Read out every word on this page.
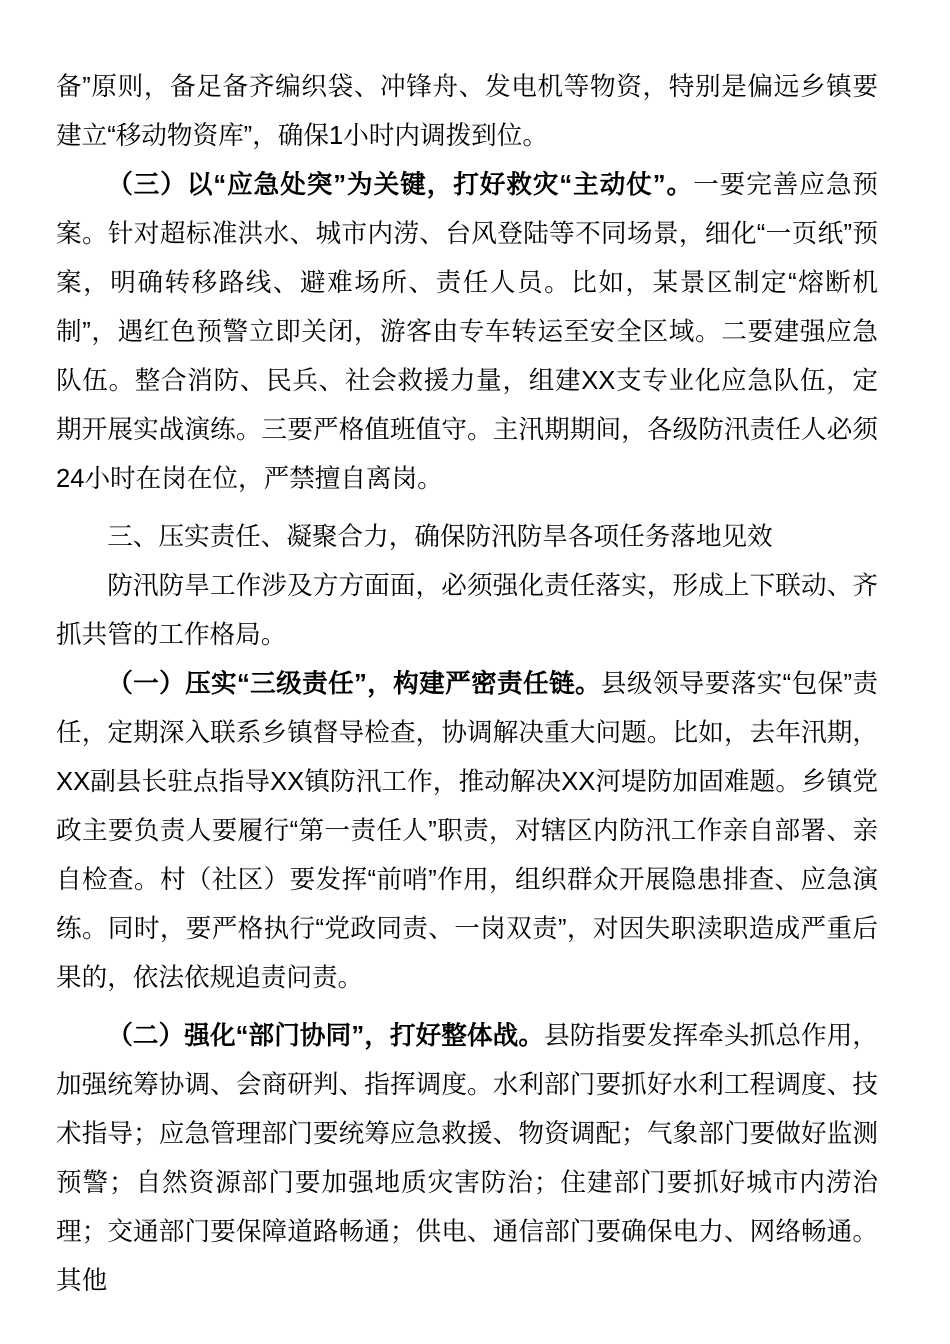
备”原则，备足备齐编织袋、冲锋舟、发电机等物资，特别是偏远乡镇要建立“移动物资库”，确保1小时内调拨到位。

（三）以“应急处突”为关键，打好救灾“主动仗”。一要完善应急预案。针对超标准洪水、城市内涝、台风登陆等不同场景，细化“一页纸”预案，明确转移路线、避难场所、责任人员。比如，某景区制定“熔断机制”，遇红色预警立即关闭，游客由专车转运至安全区域。二要建强应急队伍。整合消防、民兵、社会救援力量，组建XX支专业化应急队伍，定期开展实战演练。三要严格值班值守。主汛期期间，各级防汛责任人必须24小时在岗在位，严禁擅自离岗。

三、压实责任、凝聚合力，确保防汛防旱各项任务落地见效

防汛防旱工作涉及方方面面，必须强化责任落实，形成上下联动、齐抓共管的工作格局。

（一）压实“三级责任”，构建严密责任链。县级领导要落实“包保”责任，定期深入联系乡镇督导检查，协调解决重大问题。比如，去年汛期，XX副县长驻点指导XX镇防汛工作，推动解决XX河堤防加固难题。乡镇党政主要负责人要履行“第一责任人”职责，对辖区内防汛工作亲自部署、亲自检查。村（社区）要发挥“前哨”作用，组织群众开展隐患排查、应急演练。同时，要严格执行“党政同责、一岗双责”，对因失职渎职造成严重后果的，依法依规追责问责。

（二）强化“部门协同”，打好整体战。县防指要发挥牵头抓总作用，加强统筹协调、会商研判、指挥调度。水利部门要抓好水利工程调度、技术指导；应急管理部门要统筹应急救援、物资调配；气象部门要做好监测预警；自然资源部门要加强地质灾害防治；住建部门要抓好城市内涝治理；交通部门要保障道路畅通；供电、通信部门要确保电力、网络畅通。其他
